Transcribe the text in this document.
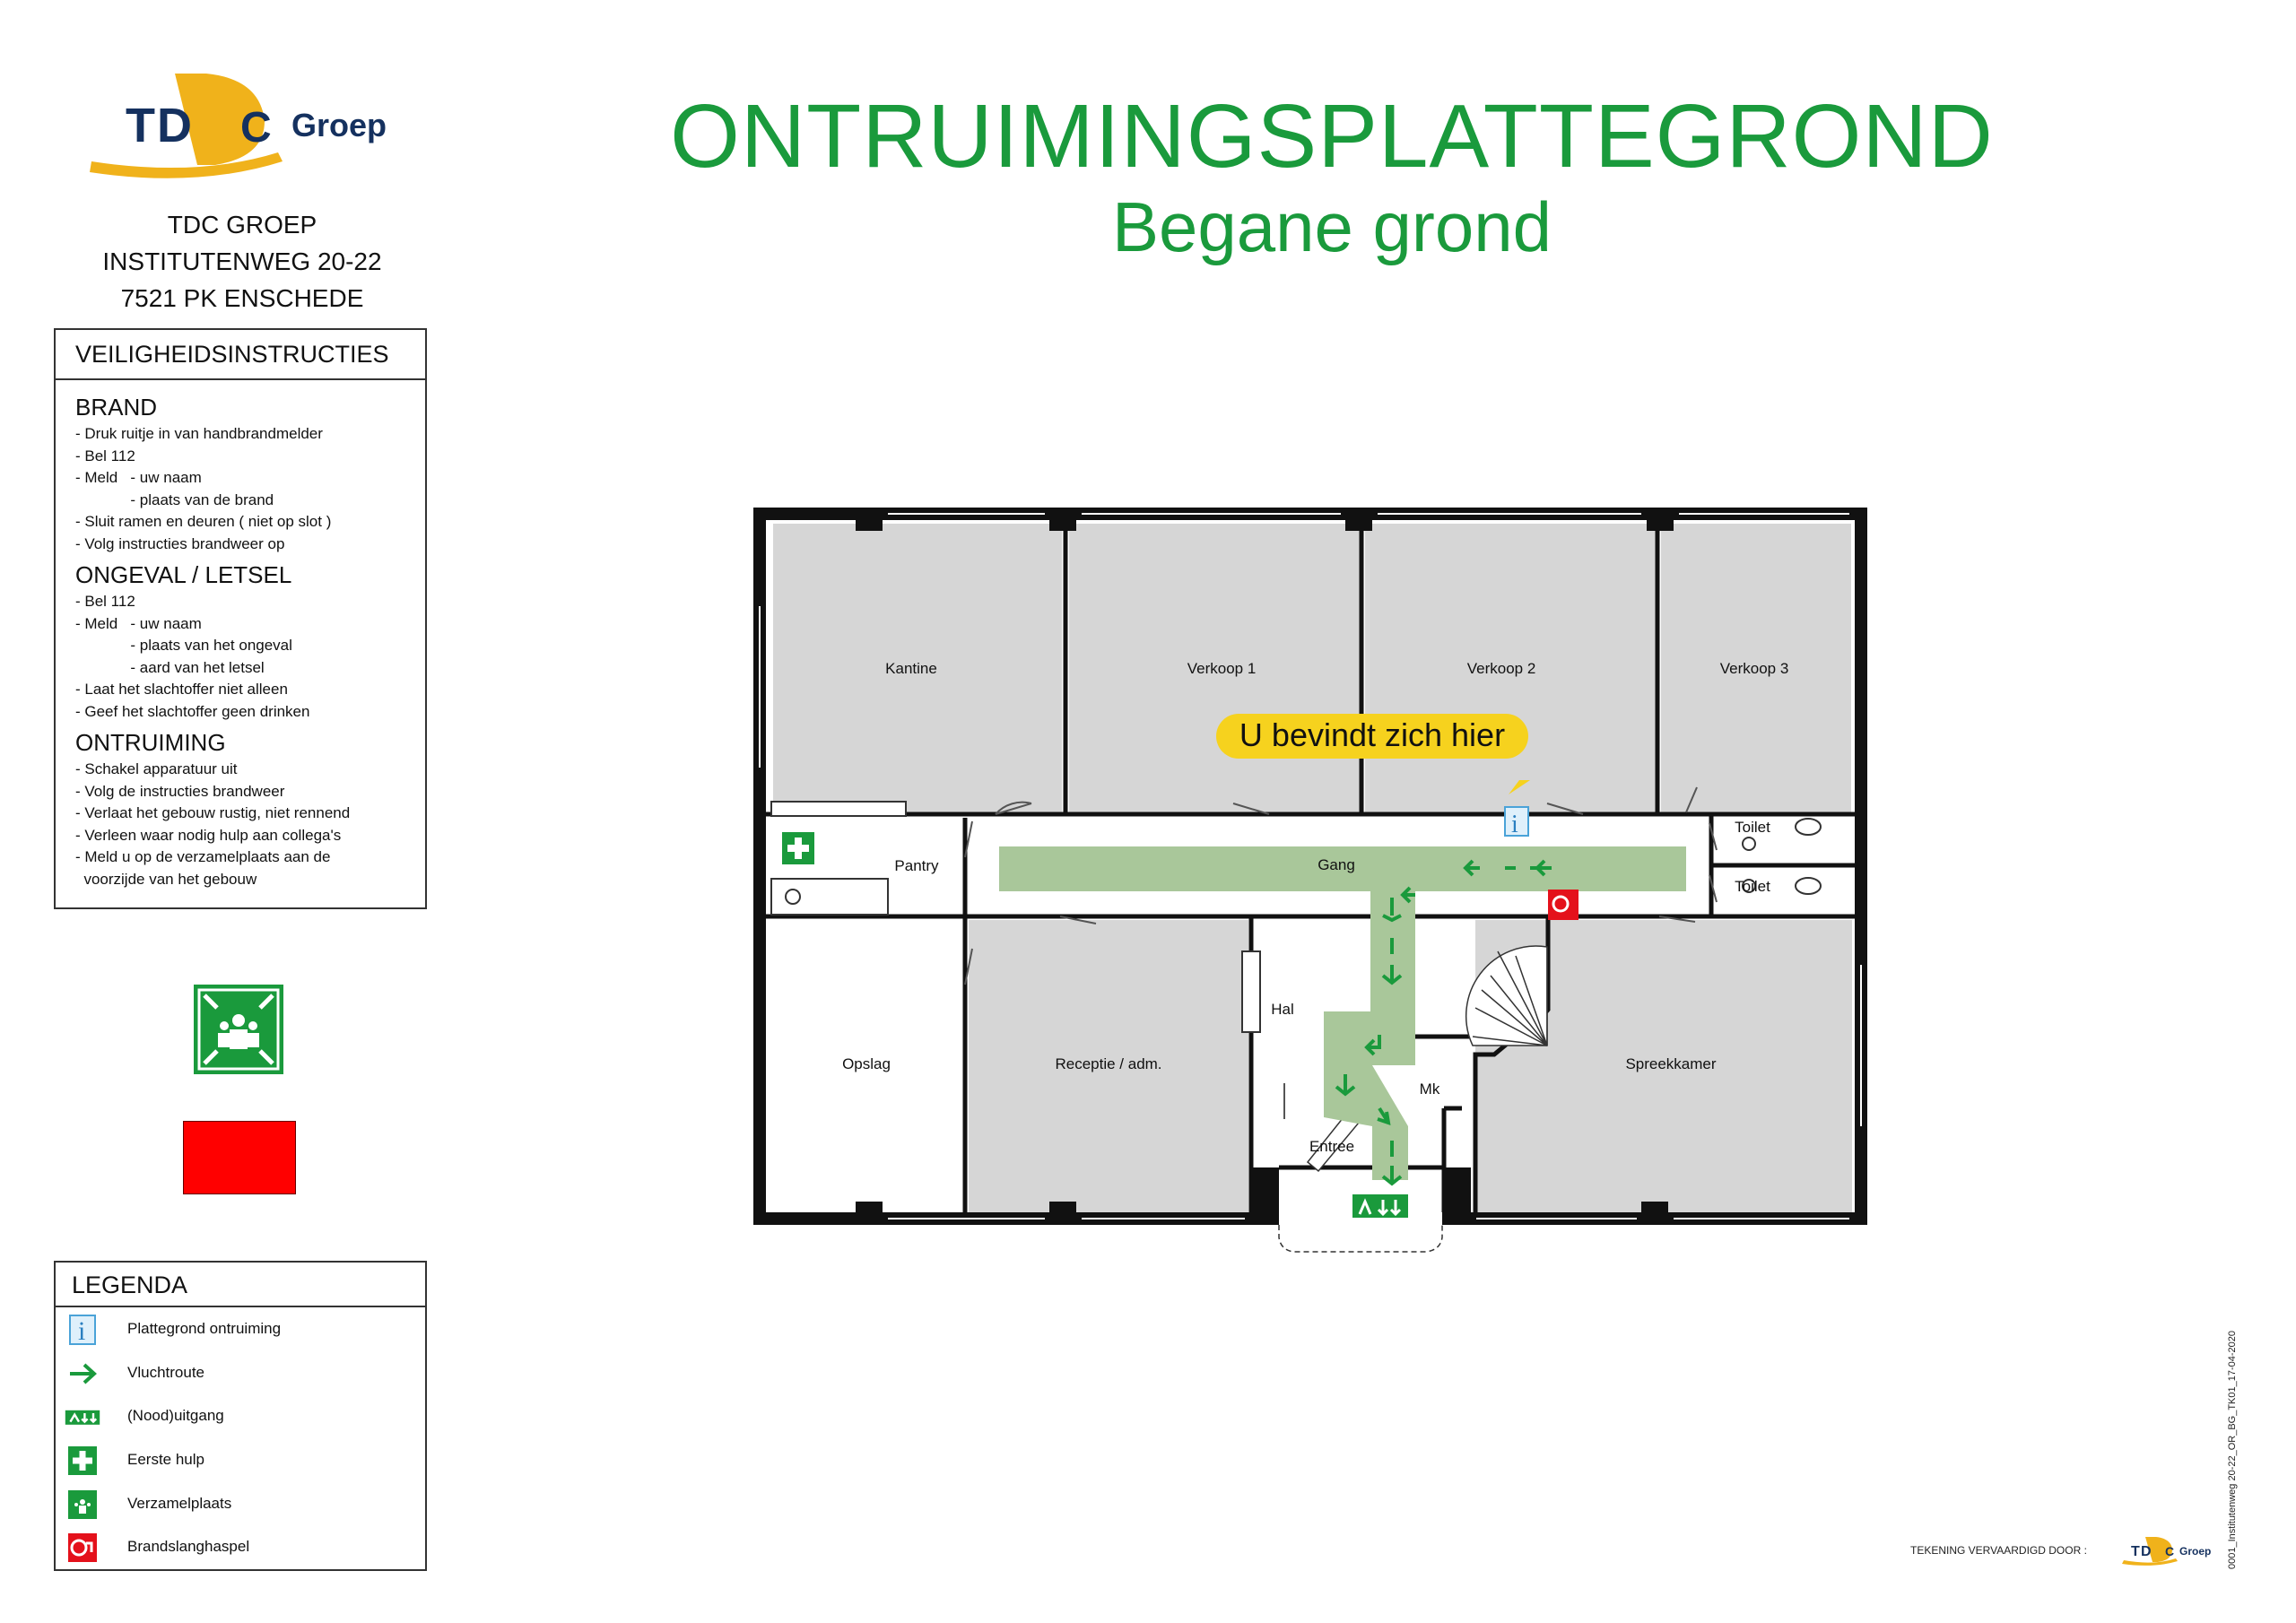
T D C Groep
TDC GROEP
INSTITUTENWEG 20-22
7521 PK ENSCHEDE
ONTRUIMINGSPLATTEGROND
Begane grond
VEILIGHEIDSINSTRUCTIES
BRAND
- Druk ruitje in van handbrandmelder
- Bel 112
- Meld   - uw naam
- plaats van de brand
- Sluit ramen en deuren ( niet op slot )
- Volg instructies brandweer op
ONGEVAL / LETSEL
- Bel 112
- Meld   - uw naam
- plaats van het ongeval
- aard van het letsel
- Laat het slachtoffer niet alleen
- Geef het slachtoffer geen drinken
ONTRUIMING
- Schakel apparatuur uit
- Volg de instructies brandweer
- Verlaat het gebouw rustig, niet rennend
- Verleen waar nodig hulp aan collega's
- Meld u op de verzamelplaats aan de
voorzijde van het gebouw
LEGENDA
i	Plattegrond ontruiming
Vluchtroute
(Nood)uitgang
Eerste hulp
Verzamelplaats
Brandslanghaspel
i
U bevindt zich hier
Kantine	Verkoop 1	Verkoop 2	Verkoop 3
Pantry	Gang
Toilet
Toilet
Hal
Opslag	Receptie / adm.
Mk
Entree
Spreekkamer
0001_Institutenweg 20-22_OR_BG_TK01_17-04-2020
TEKENING VERVAARDIGD DOOR :	T D C Groep
